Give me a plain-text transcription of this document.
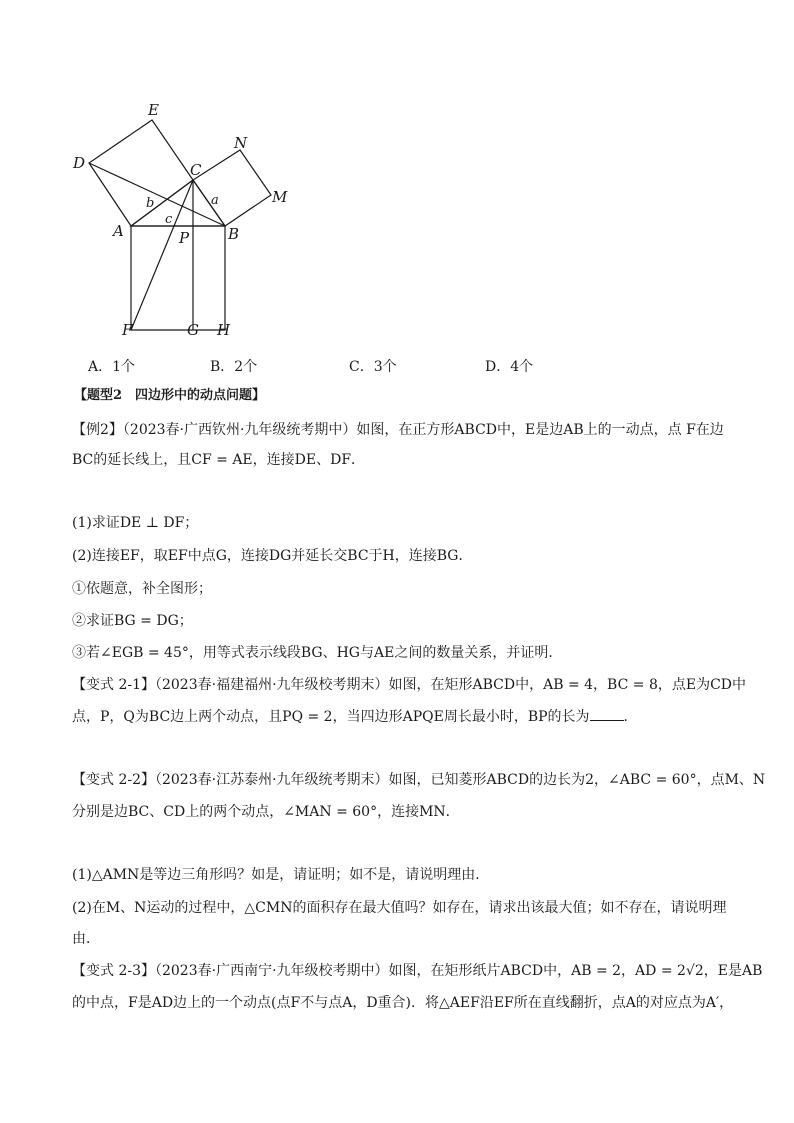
E
D	C
N
M
a
b
c
A	B
P
F	G H
A．1个	B．2个	C．3个	D．4个
【题型2　四边形中的动点问题】
【例2】（2023春·广西钦州·九年级统考期中）如图，在正方形ABCD中，E是边AB上的一动点，点 F在边
BC的延长线上，且CF = AE，连接DE、DF．
(1)求证DE ⊥ DF；
(2)连接EF，取EF中点G，连接DG并延长交BC于H，连接BG．
①依题意，补全图形；
②求证BG = DG；
③若∠EGB = 45°，用等式表示线段BG、HG与AE之间的数量关系，并证明．
【变式 2-1】（2023春·福建福州·九年级校考期末）如图，在矩形ABCD中，AB = 4，BC = 8，点E为CD中
点，P，Q为BC边上两个动点，且PQ = 2，当四边形APQE周长最小时，BP的长为 ．
【变式 2-2】（2023春·江苏泰州·九年级统考期末）如图，已知菱形ABCD的边长为2，∠ABC = 60°，点M、N
分别是边BC、CD上的两个动点，∠MAN = 60°，连接MN．
(1)△AMN是等边三角形吗？如是，请证明；如不是，请说明理由．
(2)在M、N运动的过程中，△CMN的面积存在最大值吗？如存在，请求出该最大值；如不存在，请说明理
由．
【变式 2-3】（2023春·广西南宁·九年级校考期中）如图，在矩形纸片ABCD中，AB = 2，AD = 2√2，E是AB
的中点，F是AD边上的一个动点(点F不与点A，D重合)．将△AEF沿EF所在直线翻折，点A的对应点为A′，
